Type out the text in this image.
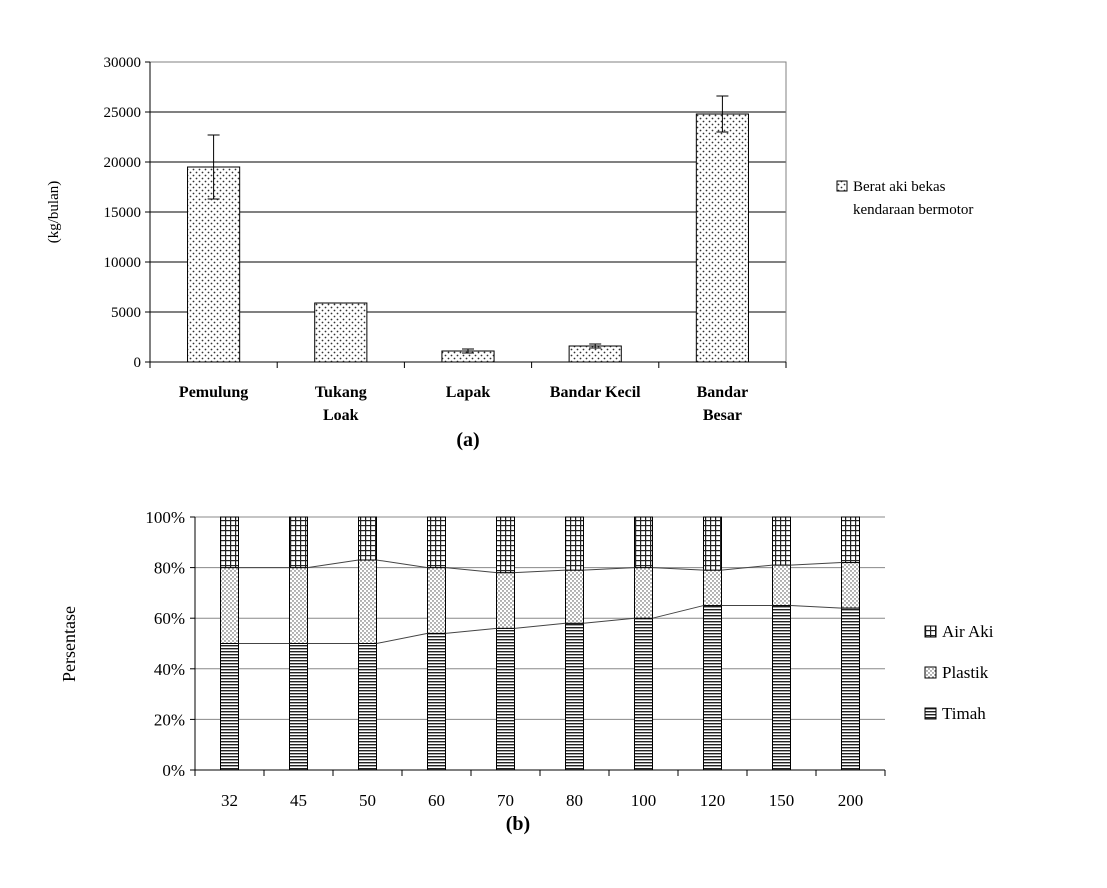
0
5000
10000
15000
20000
25000
30000
Pemulung	Tukang
Loak
Lapak	Bandar Kecil	Bandar
Besar
(kg/bulan)	Berat aki bekas
kendaraan bermotor
(a)
0%
20%
40%
60%
80%
100%
32	45	50	60	70	80	100	120	150	200
Persentase	Air Aki
Plastik
Timah
(b)
